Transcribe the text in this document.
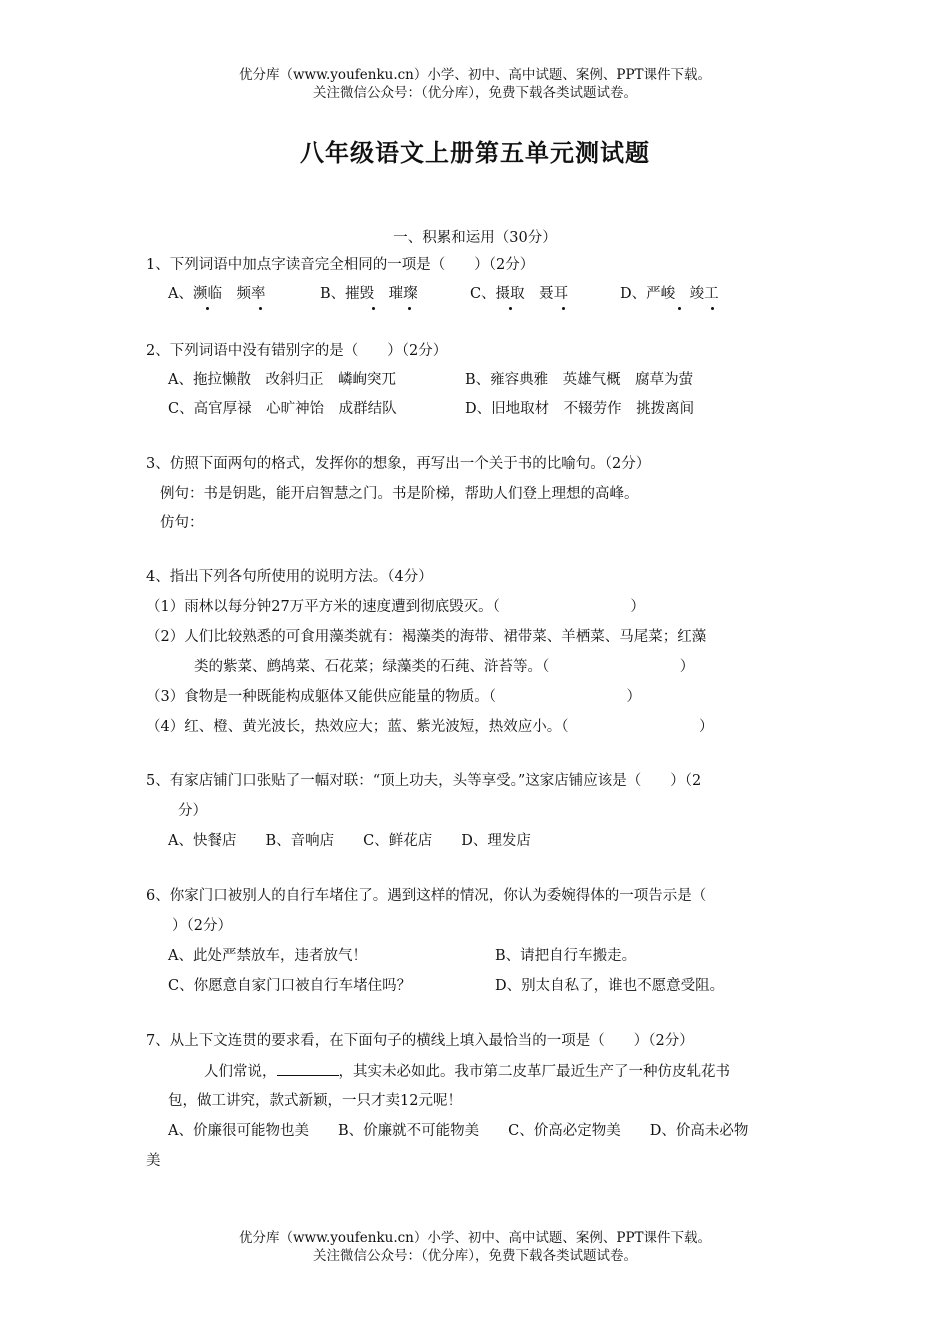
优分库（www.youfenku.cn）小学、初中、高中试题、案例、PPT课件下载。
关注微信公众号：（优分库），免费下载各类试题试卷。
八年级语文上册第五单元测试题
一、积累和运用（30分）
1、下列词语中加点字读音完全相同的一项是（　　）（2分）
A、濒临　频率	B、摧毁　璀璨	C、摄取　聂耳	D、严峻　竣工
2、下列词语中没有错别字的是（　　）（2分）
A、拖拉懒散　改斜归正　嶙峋突兀	B、雍容典雅　英雄气概　腐草为萤
C、高官厚禄　心旷神饴　成群结队	D、旧地取材　不辍劳作　挑拨离间
3、仿照下面两句的格式，发挥你的想象，再写出一个关于书的比喻句。（2分）
例句：书是钥匙，能开启智慧之门。书是阶梯，帮助人们登上理想的高峰。
仿句：
4、指出下列各句所使用的说明方法。（4分）
（1）雨林以每分钟27万平方米的速度遭到彻底毁灭。（　　　　　　　　　）
（2）人们比较熟悉的可食用藻类就有：褐藻类的海带、裙带菜、羊栖菜、马尾菜；红藻
类的紫菜、鹧鸪菜、石花菜；绿藻类的石莼、浒苔等。（　　　　　　　　　）
（3）食物是一种既能构成躯体又能供应能量的物质。（　　　　　　　　　）
（4）红、橙、黄光波长，热效应大；蓝、紫光波短，热效应小。（　　　　　　　　　）
5、有家店铺门口张贴了一幅对联：“顶上功夫，头等享受。”这家店铺应该是（　　）（2
分）
A、快餐店　　B、音响店　　C、鲜花店　　D、理发店
6、你家门口被别人的自行车堵住了。遇到这样的情况，你认为委婉得体的一项告示是（
）（2分）
A、此处严禁放车，违者放气！	B、请把自行车搬走。
C、你愿意自家门口被自行车堵住吗？	D、别太自私了，谁也不愿意受阻。
7、从上下文连贯的要求看，在下面句子的横线上填入最恰当的一项是（　　）（2分）
人们常说，	，其实未必如此。我市第二皮革厂最近生产了一种仿皮轧花书
包，做工讲究，款式新颖，一只才卖12元呢！
A、价廉很可能物也美　　B、价廉就不可能物美　　C、价高必定物美　　D、价高未必物
美
优分库（www.youfenku.cn）小学、初中、高中试题、案例、PPT课件下载。
关注微信公众号：（优分库），免费下载各类试题试卷。
